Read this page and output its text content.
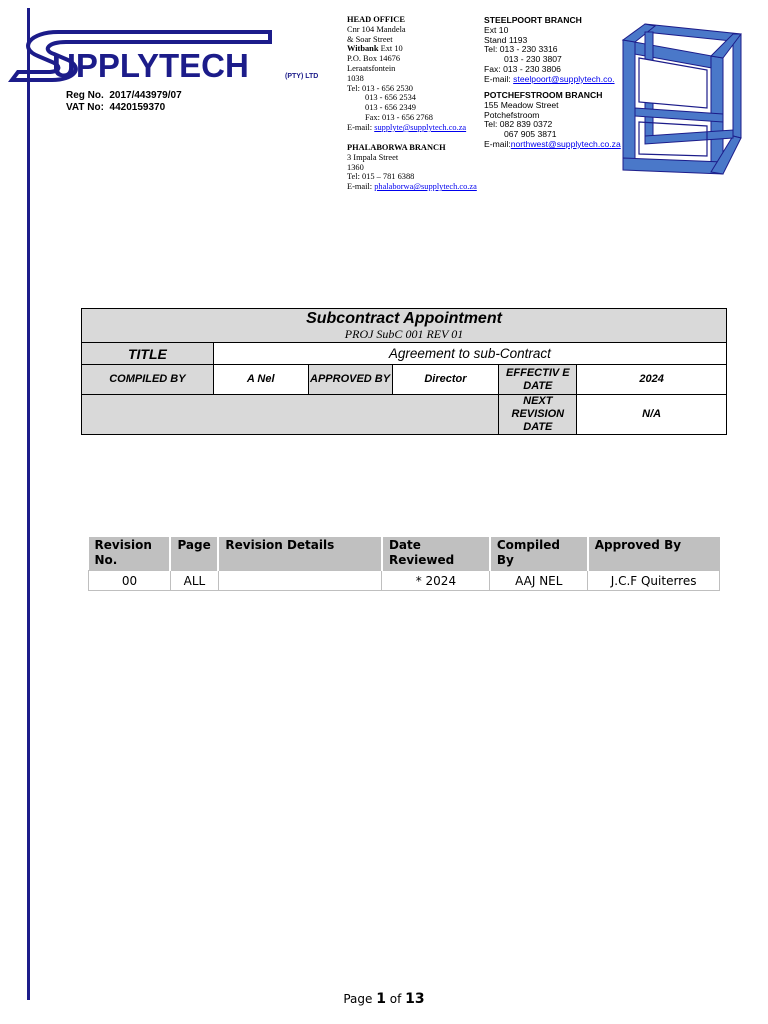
UPPLYTECH	(PTY) LTD
Reg No. 2017/443979/07
VAT No: 4420159370
HEAD OFFICE
Cnr 104 Mandela
& Soar Street
Witbank Ext 10
P.O. Box 14676
Leraatsfontein
1038
Tel: 013 - 656 2530
013 - 656 2534
013 - 656 2349
Fax: 013 - 656 2768
E-mail: supplyte@supplytech.co.za
PHALABORWA BRANCH
3 Impala Street
1360
Tel: 015 – 781 6388
E-mail: phalaborwa@supplytech.co.za
STEELPOORT BRANCH
Ext 10
Stand 1193
Tel: 013 - 230 3316
013 - 230 3807
Fax: 013 - 230 3806
E-mail: steelpoort@supplytech.co.
POTCHEFSTROOM BRANCH
155 Meadow Street
Potchefstroom
Tel: 082 839 0372
067 905 3871
E-mail:northwest@supplytech.co.za
Subcontract Appointment
PROJ SubC 001 REV 01					

TITLE	Agreement to sub-Contract				
COMPILED BY	A Nel	APPROVED BY	Director	EFFECTIV E DATE	2024
				NEXT REVISION DATE	N/A
Revision No.	Page	Revision Details	Date Reviewed	Compiled By	Approved By
00	ALL		* 2024	AAJ NEL	J.C.F Quiterres
Page 1 of 13
